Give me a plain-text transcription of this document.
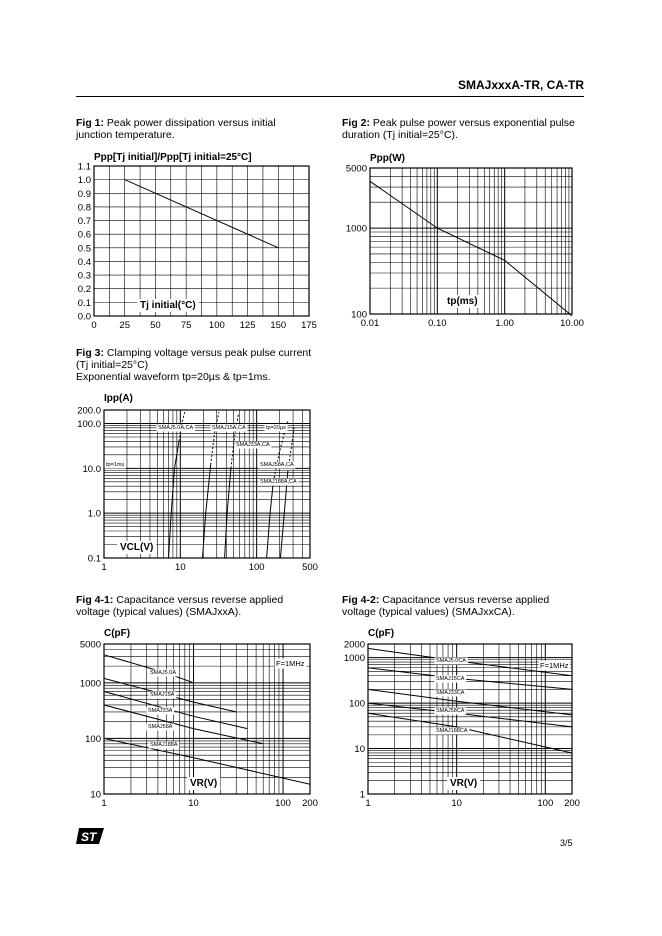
SMAJxxxA-TR, CA-TR
Fig 1: Peak power dissipation versus initial
junction temperature.
Fig 2: Peak pulse power versus exponential pulse
duration (Tj initial=25°C).
Fig 3: Clamping voltage versus peak pulse current
(Tj initial=25°C)
Exponential waveform tp=20µs & tp=1ms.
Fig 4-1: Capacitance versus reverse applied
voltage (typical values) (SMAJxxA).
Fig 4-2: Capacitance versus reverse applied
voltage (typical values) (SMAJxxCA).
0 25 50 75 100 125 150 175
0.0
0.1
0.2
0.3
0.4
0.5
0.6
0.7
0.8
0.9
1.0
1.1
Ppp[Tj initial]/Ppp[Tj initial=25°C]
Tj initial(°C)
0.01	0.10	1.00	10.00
100
1000
5000
Ppp(W)
tp(ms)
1	10	100	500
0.1
1.0
10.0
100.0
200.0
Ipp(A)
VCL(V)
SMAJ5.0A,CA	SMAJ15A,CA	tp=20µs
SMAJ33A,CA
tp=1ms	SMAJ58A,CA
SMAJ188A,CA
1	10	100 200
10
100
1000
5000
C(pF)
VR(V)
F=1MHz
SMAJ5.0A
SMAJ15A
SMAJ33A
SMAJ58A
SMAJ188A
1	10	100 200
1
10
100
1000
2000
C(pF)
VR(V)
F=1MHz
SMAJ5.0CA
SMAJ15CA
SMAJ33CA
SMAJ58CA
SMAJ188CA
ST	3/5
